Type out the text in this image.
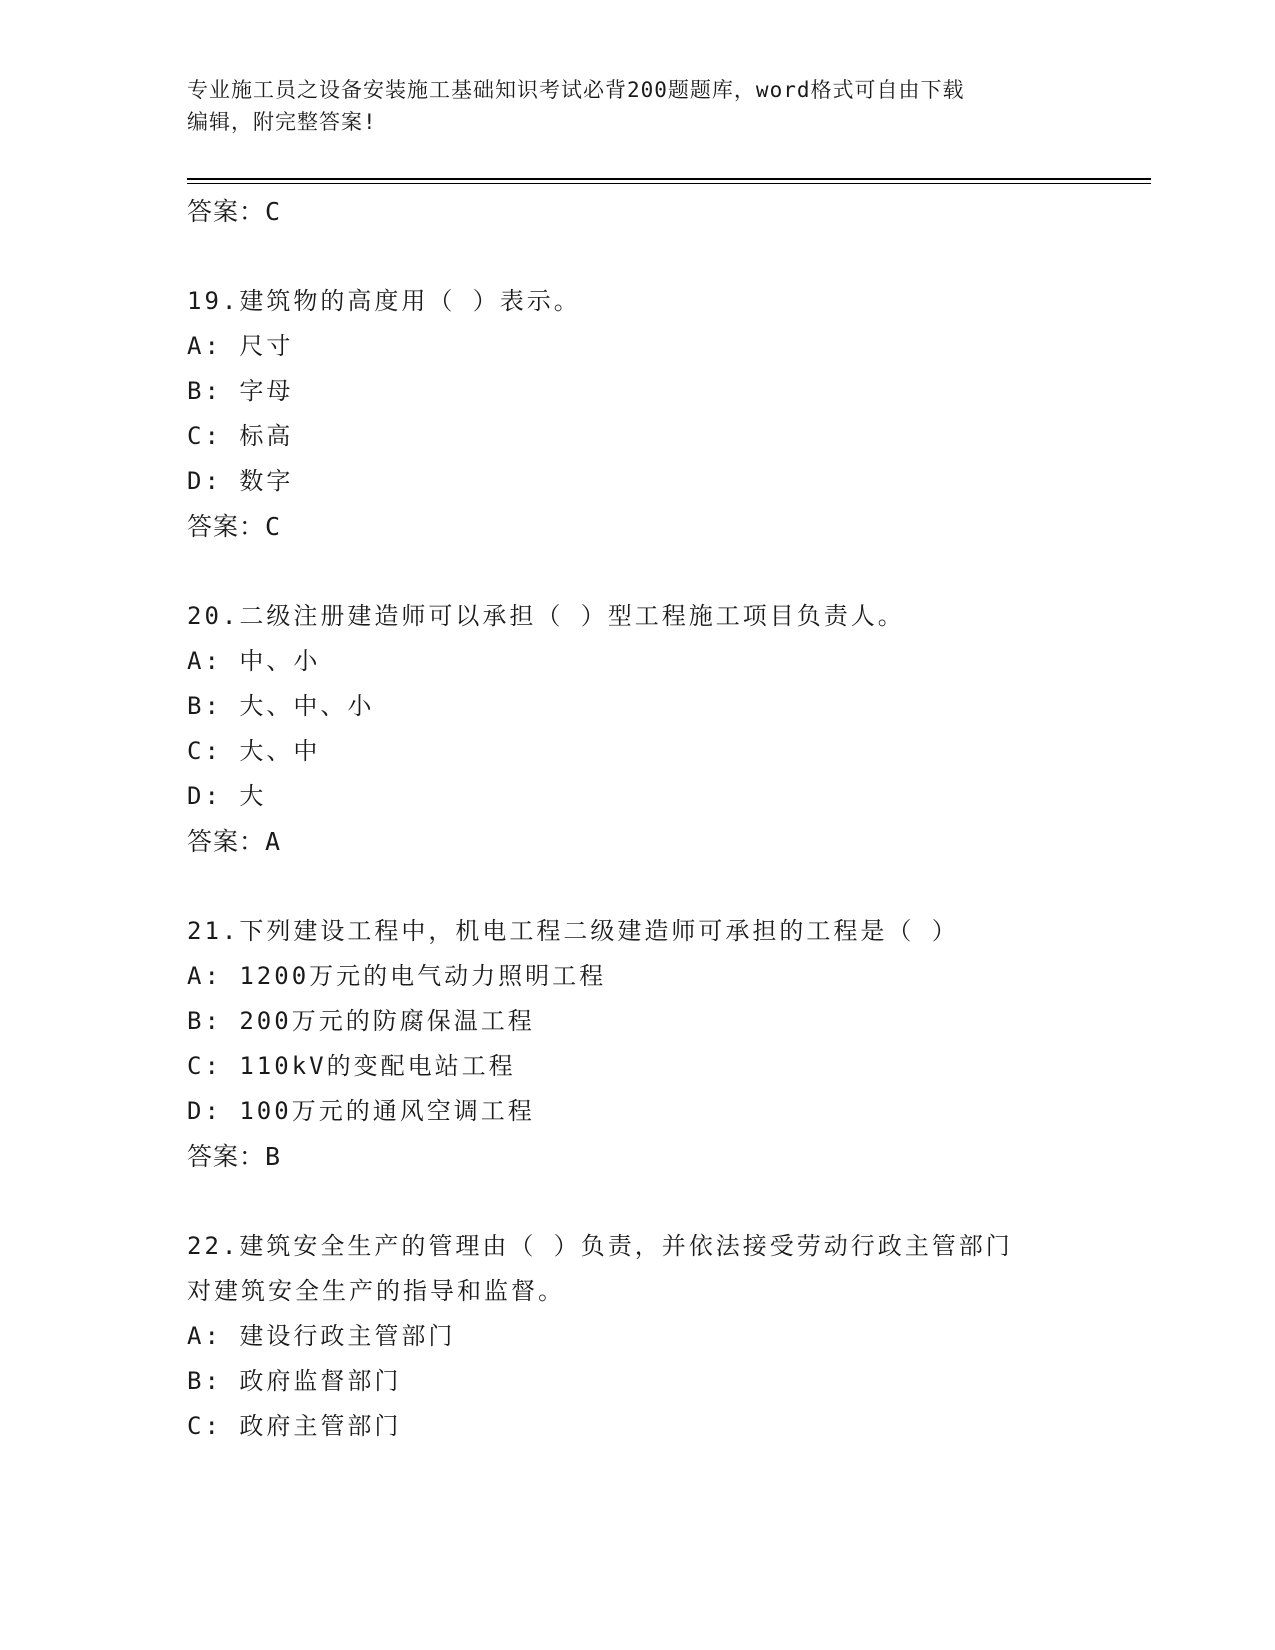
专业施工员之设备安装施工基础知识考试必背200题题库，word格式可自由下载
编辑，附完整答案!
答案：C
19.建筑物的高度用（ ）表示。
A: 尺寸
B: 字母
C: 标高
D: 数字
答案：C
20.二级注册建造师可以承担（ ）型工程施工项目负责人。
A: 中、小
B: 大、中、小
C: 大、中
D: 大
答案：A
21.下列建设工程中，机电工程二级建造师可承担的工程是（ ）
A: 1200万元的电气动力照明工程
B: 200万元的防腐保温工程
C: 110kV的变配电站工程
D: 100万元的通风空调工程
答案：B
22.建筑安全生产的管理由（ ）负责，并依法接受劳动行政主管部门
对建筑安全生产的指导和监督。
A: 建设行政主管部门
B: 政府监督部门
C: 政府主管部门
